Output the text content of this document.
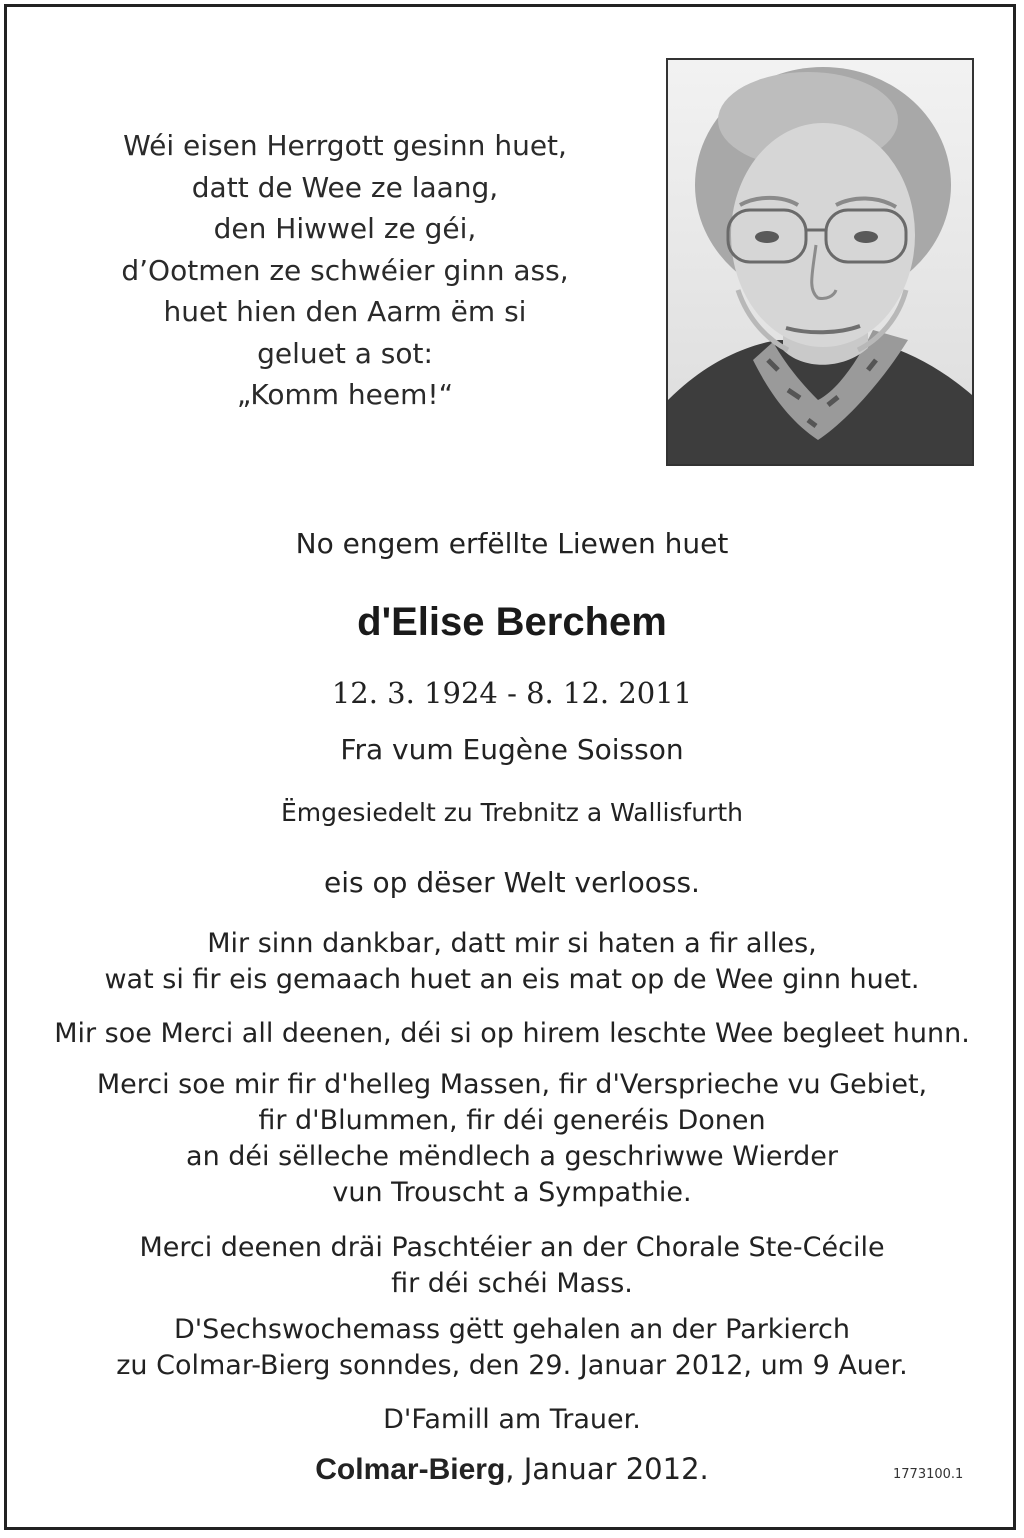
Wéi eisen Herrgott gesinn huet,
datt de Wee ze laang,
den Hiwwel ze géi,
d’Ootmen ze schwéier ginn ass,
huet hien den Aarm ëm si
geluet a sot:
„Komm heem!“
No engem erfëllte Liewen huet
d'Elise Berchem
12. 3. 1924 - 8. 12. 2011
Fra vum Eugène Soisson
Ëmgesiedelt zu Trebnitz a Wallisfurth
eis op dëser Welt verlooss.
Mir sinn dankbar, datt mir si haten a fir alles,
wat si fir eis gemaach huet an eis mat op de Wee ginn huet.
Mir soe Merci all deenen, déi si op hirem leschte Wee begleet hunn.
Merci soe mir fir d'helleg Massen, fir d'Versprieche vu Gebiet,
fir d'Blummen, fir déi generéis Donen
an déi sëlleche mëndlech a geschriwwe Wierder
vun Trouscht a Sympathie.
Merci deenen dräi Paschtéier an der Chorale Ste-Cécile
fir déi schéi Mass.
D'Sechswochemass gëtt gehalen an der Parkierch
zu Colmar-Bierg sonndes, den 29. Januar 2012, um 9 Auer.
D'Famill am Trauer.
Colmar-Bierg, Januar 2012.	1773100.1
